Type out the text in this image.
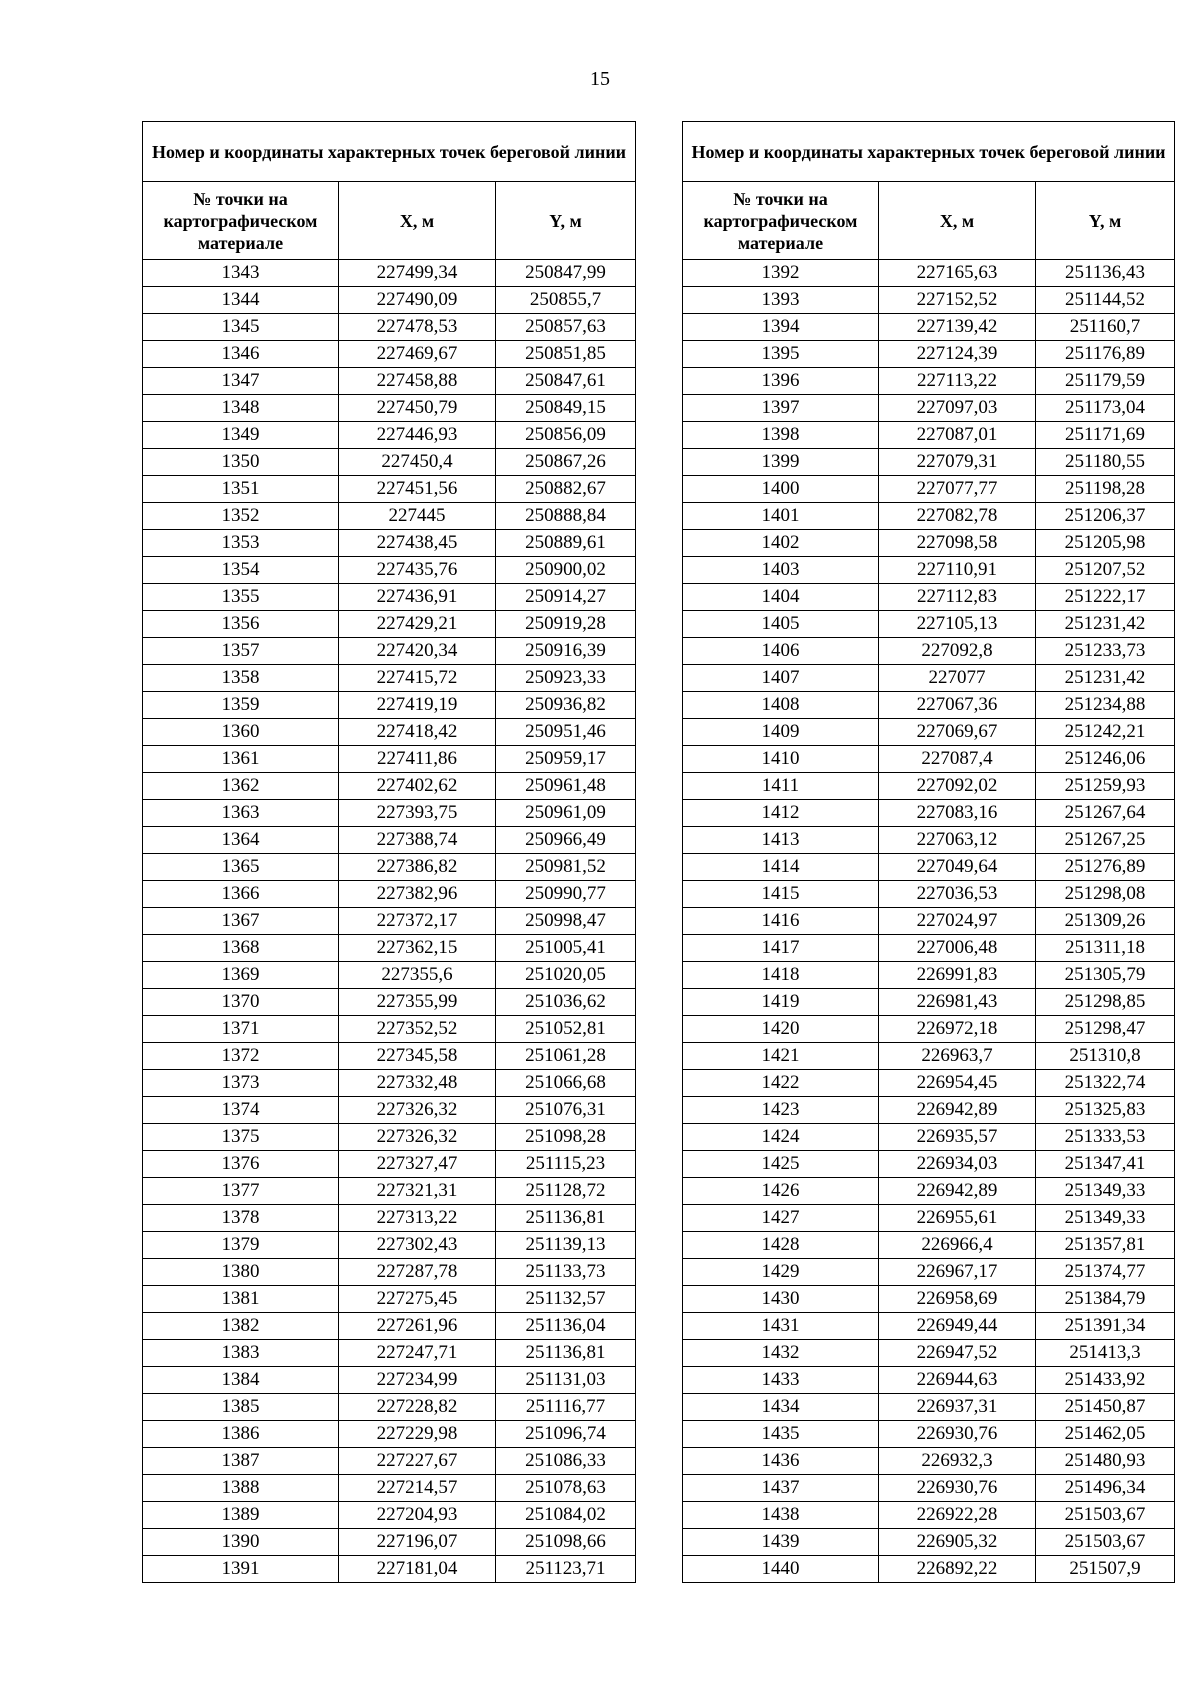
15
Номер и координаты характерных точек береговой линии		
№ точки на картографическом материале	X, м	Y, м
1343	227499,34	250847,99
1344	227490,09	250855,7
1345	227478,53	250857,63
1346	227469,67	250851,85
1347	227458,88	250847,61
1348	227450,79	250849,15
1349	227446,93	250856,09
1350	227450,4	250867,26
1351	227451,56	250882,67
1352	227445	250888,84
1353	227438,45	250889,61
1354	227435,76	250900,02
1355	227436,91	250914,27
1356	227429,21	250919,28
1357	227420,34	250916,39
1358	227415,72	250923,33
1359	227419,19	250936,82
1360	227418,42	250951,46
1361	227411,86	250959,17
1362	227402,62	250961,48
1363	227393,75	250961,09
1364	227388,74	250966,49
1365	227386,82	250981,52
1366	227382,96	250990,77
1367	227372,17	250998,47
1368	227362,15	251005,41
1369	227355,6	251020,05
1370	227355,99	251036,62
1371	227352,52	251052,81
1372	227345,58	251061,28
1373	227332,48	251066,68
1374	227326,32	251076,31
1375	227326,32	251098,28
1376	227327,47	251115,23
1377	227321,31	251128,72
1378	227313,22	251136,81
1379	227302,43	251139,13
1380	227287,78	251133,73
1381	227275,45	251132,57
1382	227261,96	251136,04
1383	227247,71	251136,81
1384	227234,99	251131,03
1385	227228,82	251116,77
1386	227229,98	251096,74
1387	227227,67	251086,33
1388	227214,57	251078,63
1389	227204,93	251084,02
1390	227196,07	251098,66
1391	227181,04	251123,71
Номер и координаты характерных точек береговой линии		
№ точки на картографическом материале	X, м	Y, м
1392	227165,63	251136,43
1393	227152,52	251144,52
1394	227139,42	251160,7
1395	227124,39	251176,89
1396	227113,22	251179,59
1397	227097,03	251173,04
1398	227087,01	251171,69
1399	227079,31	251180,55
1400	227077,77	251198,28
1401	227082,78	251206,37
1402	227098,58	251205,98
1403	227110,91	251207,52
1404	227112,83	251222,17
1405	227105,13	251231,42
1406	227092,8	251233,73
1407	227077	251231,42
1408	227067,36	251234,88
1409	227069,67	251242,21
1410	227087,4	251246,06
1411	227092,02	251259,93
1412	227083,16	251267,64
1413	227063,12	251267,25
1414	227049,64	251276,89
1415	227036,53	251298,08
1416	227024,97	251309,26
1417	227006,48	251311,18
1418	226991,83	251305,79
1419	226981,43	251298,85
1420	226972,18	251298,47
1421	226963,7	251310,8
1422	226954,45	251322,74
1423	226942,89	251325,83
1424	226935,57	251333,53
1425	226934,03	251347,41
1426	226942,89	251349,33
1427	226955,61	251349,33
1428	226966,4	251357,81
1429	226967,17	251374,77
1430	226958,69	251384,79
1431	226949,44	251391,34
1432	226947,52	251413,3
1433	226944,63	251433,92
1434	226937,31	251450,87
1435	226930,76	251462,05
1436	226932,3	251480,93
1437	226930,76	251496,34
1438	226922,28	251503,67
1439	226905,32	251503,67
1440	226892,22	251507,9
